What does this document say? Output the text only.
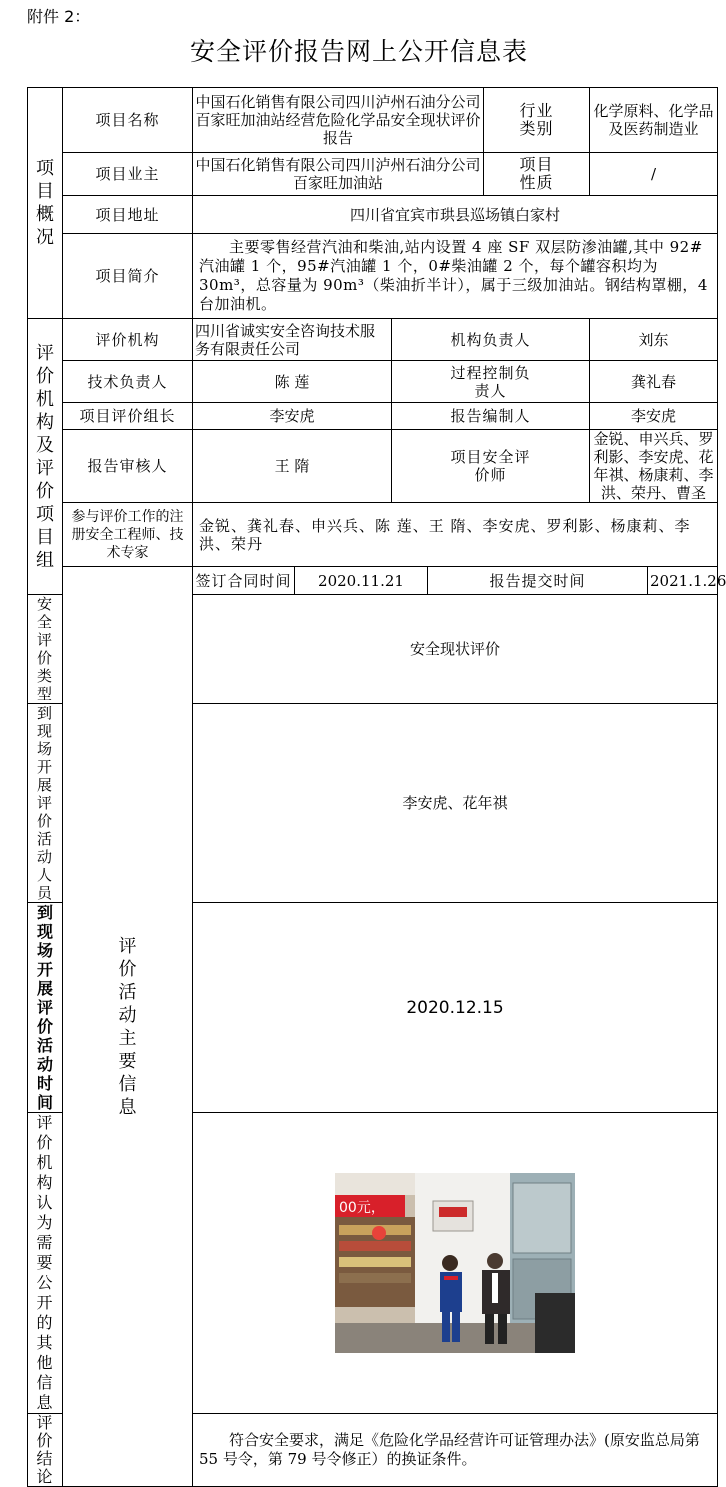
附件 2：
安全评价报告网上公开信息表
项目概况	项目名称	中国石化销售有限公司四川泸州石油分公司百家旺加油站经营危险化学品安全现状评价报告				行业类别	化学原料、化学品及医药制造业	
	项目业主	中国石化销售有限公司四川泸州石油分公司百家旺加油站				项目性质	/	
	项目地址	四川省宜宾市珙县巡场镇白家村						
	项目简介	主要零售经营汽油和柴油,站内设置 4 座 SF 双层防渗油罐,其中 92#汽油罐 1 个，95#汽油罐 1 个，0#柴油罐 2 个，每个罐容积均为 30m³，总容量为 90m³（柴油折半计），属于三级加油站。钢结构罩棚，4 台加油机。						

评价机构及评价项目组	评价机构	四川省诚实安全咨询技术服务有限责任公司		机构负责人			刘东	
	技术负责人	陈 莲		过程控制负责人			龚礼春	
	项目评价组长	李安虎		报告编制人			李安虎	
	报告审核人	王 隋		项目安全评价师			金锐、申兴兵、罗利影、李安虎、花年祺、杨康莉、李洪、荣丹、曹圣	
	参与评价工作的注册安全工程师、技术专家	金锐、龚礼春、申兴兵、陈 莲、王 隋、李安虎、罗利影、杨康莉、李洪、荣丹						

	评价活动主要信息	签订合同时间	2020.11.21		报告提交时间			2021.1.26
安全评价类型		安全现状评价						
到现场开展评价活动人员		李安虎、花年祺						
到现场开展评价活动时间		2020.12.15						
评价机构认为需要公开的其他信息		00元，						

评价结论		符合安全要求，满足《危险化学品经营许可证管理办法》(原安监总局第 55 号令，第 79 号令修正）的换证条件。						
